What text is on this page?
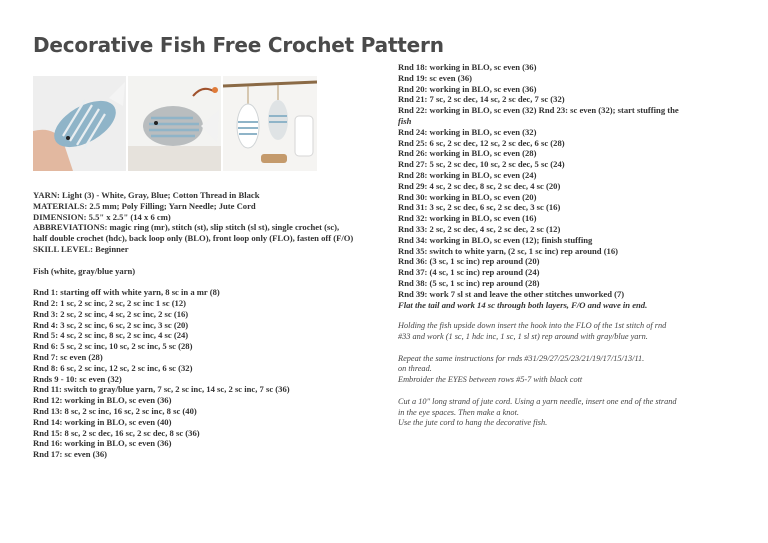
Decorative Fish Free Crochet Pattern
YARN: Light (3) - White, Gray, Blue; Cotton Thread in Black
MATERIALS: 2.5 mm; Poly Filling; Yarn Needle; Jute Cord
DIMENSION: 5.5" x 2.5" (14 x 6 cm)
ABBREVIATIONS: magic ring (mr), stitch (st), slip stitch (sl st), single crochet (sc),
half double crochet (hdc), back loop only (BLO), front loop only (FLO), fasten off (F/O)
SKILL LEVEL: Beginner
Fish (white, gray/blue yarn)
Rnd 1: starting off with white yarn, 8 sc in a mr (8)
Rnd 2: 1 sc, 2 sc inc, 2 sc, 2 sc inc 1 sc (12)
Rnd 3: 2 sc, 2 sc inc, 4 sc, 2 sc inc, 2 sc (16)
Rnd 4: 3 sc, 2 sc inc, 6 sc, 2 sc inc, 3 sc (20)
Rnd 5: 4 sc, 2 sc inc, 8 sc, 2 sc inc, 4 sc (24)
Rnd 6: 5 sc, 2 sc inc, 10 sc, 2 sc inc, 5 sc (28)
Rnd 7: sc even (28)
Rnd 8: 6 sc, 2 sc inc, 12 sc, 2 sc inc, 6 sc (32)
Rnds 9 - 10: sc even (32)
Rnd 11: switch to gray/blue yarn, 7 sc, 2 sc inc, 14 sc, 2 sc inc, 7 sc (36)
Rnd 12: working in BLO, sc even (36)
Rnd 13: 8 sc, 2 sc inc, 16 sc, 2 sc inc, 8 sc (40)
Rnd 14: working in BLO, sc even (40)
Rnd 15: 8 sc, 2 sc dec, 16 sc, 2 sc dec, 8 sc (36)
Rnd 16: working in BLO, sc even (36)
Rnd 17: sc even (36)
Rnd 18: working in BLO, sc even (36)
Rnd 19: sc even (36)
Rnd 20: working in BLO, sc even (36)
Rnd 21: 7 sc, 2 sc dec, 14 sc, 2 sc dec, 7 sc (32)
Rnd 22: working in BLO, sc even (32) Rnd 23: sc even (32); start stuffing the
fish
Rnd 24: working in BLO, sc even (32)
Rnd 25: 6 sc, 2 sc dec, 12 sc, 2 sc dec, 6 sc (28)
Rnd 26: working in BLO, sc even (28)
Rnd 27: 5 sc, 2 sc dec, 10 sc, 2 sc dec, 5 sc (24)
Rnd 28: working in BLO, sc even (24)
Rnd 29: 4 sc, 2 sc dec, 8 sc, 2 sc dec, 4 sc (20)
Rnd 30: working in BLO, sc even (20)
Rnd 31: 3 sc, 2 sc dec, 6 sc, 2 sc dec, 3 sc (16)
Rnd 32: working in BLO, sc even (16)
Rnd 33: 2 sc, 2 sc dec, 4 sc, 2 sc dec, 2 sc (12)
Rnd 34: working in BLO, sc even (12); finish stuffing
Rnd 35: switch to white yarn, (2 sc, 1 sc inc) rep around (16)
Rnd 36: (3 sc, 1 sc inc) rep around (20)
Rnd 37: (4 sc, 1 sc inc) rep around (24)
Rnd 38: (5 sc, 1 sc inc) rep around (28)
Rnd 39: work 7 sl st and leave the other stitches unworked (7)
Flat the tail and work 14 sc through both layers, F/O and wave in end.
Holding the fish upside down insert the hook into the FLO of the 1st stitch of rnd
#33 and work (1 sc, 1 hdc inc, 1 sc, 1 sl st) rep around with gray/blue yarn.
Repeat the same instructions for rnds #31/29/27/25/23/21/19/17/15/13/11.
on thread.
Embroider the EYES between rows #5-7 with black cott
Cut a 10" long strand of jute cord. Using a yarn needle, insert one end of the strand
in the eye spaces. Then make a knot.
Use the jute cord to hang the decorative fish.
